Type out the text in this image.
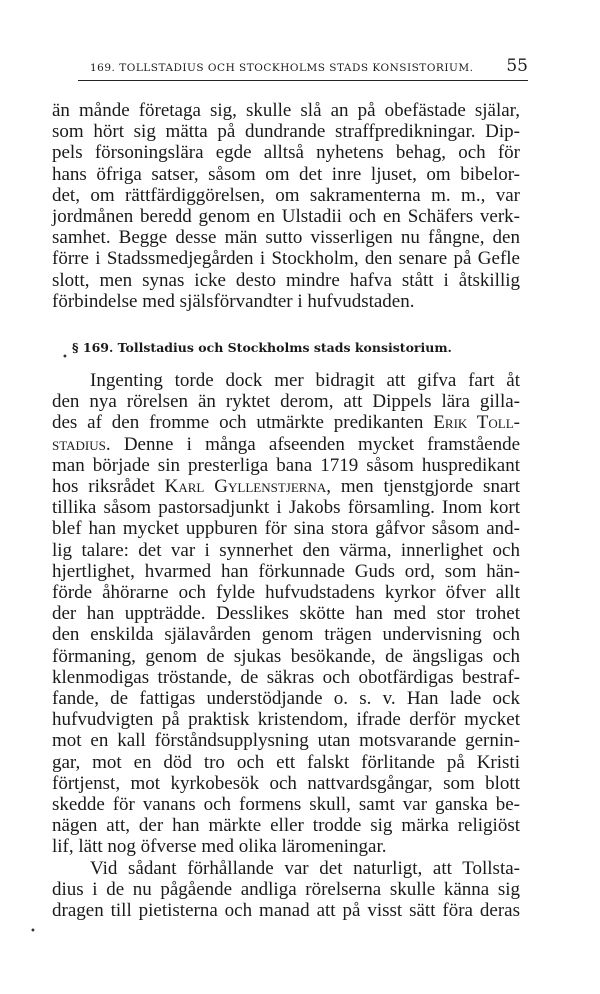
169. TOLLSTADIUS OCH STOCKHOLMS STADS KONSISTORIUM. 55
än månde företaga sig, skulle slå an på obefästade själar,
som hört sig mätta på dundrande straffpredikningar. Dip-
pels försoningslära egde alltså nyhetens behag, och för
hans öfriga satser, såsom om det inre ljuset, om bibelor-
det, om rättfärdiggörelsen, om sakramenterna m. m., var
jordmånen beredd genom en Ulstadii och en Schäfers verk-
samhet. Begge desse män sutto visserligen nu fångne, den
förre i Stadssmedjegården i Stockholm, den senare på Gefle
slott, men synas icke desto mindre hafva stått i åtskillig
förbindelse med själsförvandter i hufvudstaden.
§ 169. Tollstadius och Stockholms stads konsistorium.
Ingenting torde dock mer bidragit att gifva fart åt
den nya rörelsen än ryktet derom, att Dippels lära gilla-
des af den fromme och utmärkte predikanten Erik Toll-
stadius. Denne i många afseenden mycket framstående
man började sin presterliga bana 1719 såsom huspredikant
hos riksrådet Karl Gyllenstjerna, men tjenstgjorde snart
tillika såsom pastorsadjunkt i Jakobs församling. Inom kort
blef han mycket uppburen för sina stora gåfvor såsom and-
lig talare: det var i synnerhet den värma, innerlighet och
hjertlighet, hvarmed han förkunnade Guds ord, som hän-
förde åhörarne och fylde hufvudstadens kyrkor öfver allt
der han uppträdde. Desslikes skötte han med stor trohet
den enskilda själavården genom trägen undervisning och
förmaning, genom de sjukas besökande, de ängsligas och
klenmodigas tröstande, de säkras och obotfärdigas bestraf-
fande, de fattigas understödjande o. s. v. Han lade ock
hufvudvigten på praktisk kristendom, ifrade derför mycket
mot en kall förståndsupplysning utan motsvarande gernin-
gar, mot en död tro och ett falskt förlitande på Kristi
förtjenst, mot kyrkobesök och nattvardsgångar, som blott
skedde för vanans och formens skull, samt var ganska be-
nägen att, der han märkte eller trodde sig märka religiöst
lif, lätt nog öfverse med olika läromeningar.
Vid sådant förhållande var det naturligt, att Tollsta-
dius i de nu pågående andliga rörelserna skulle känna sig
dragen till pietisterna och manad att på visst sätt föra deras
•
•
